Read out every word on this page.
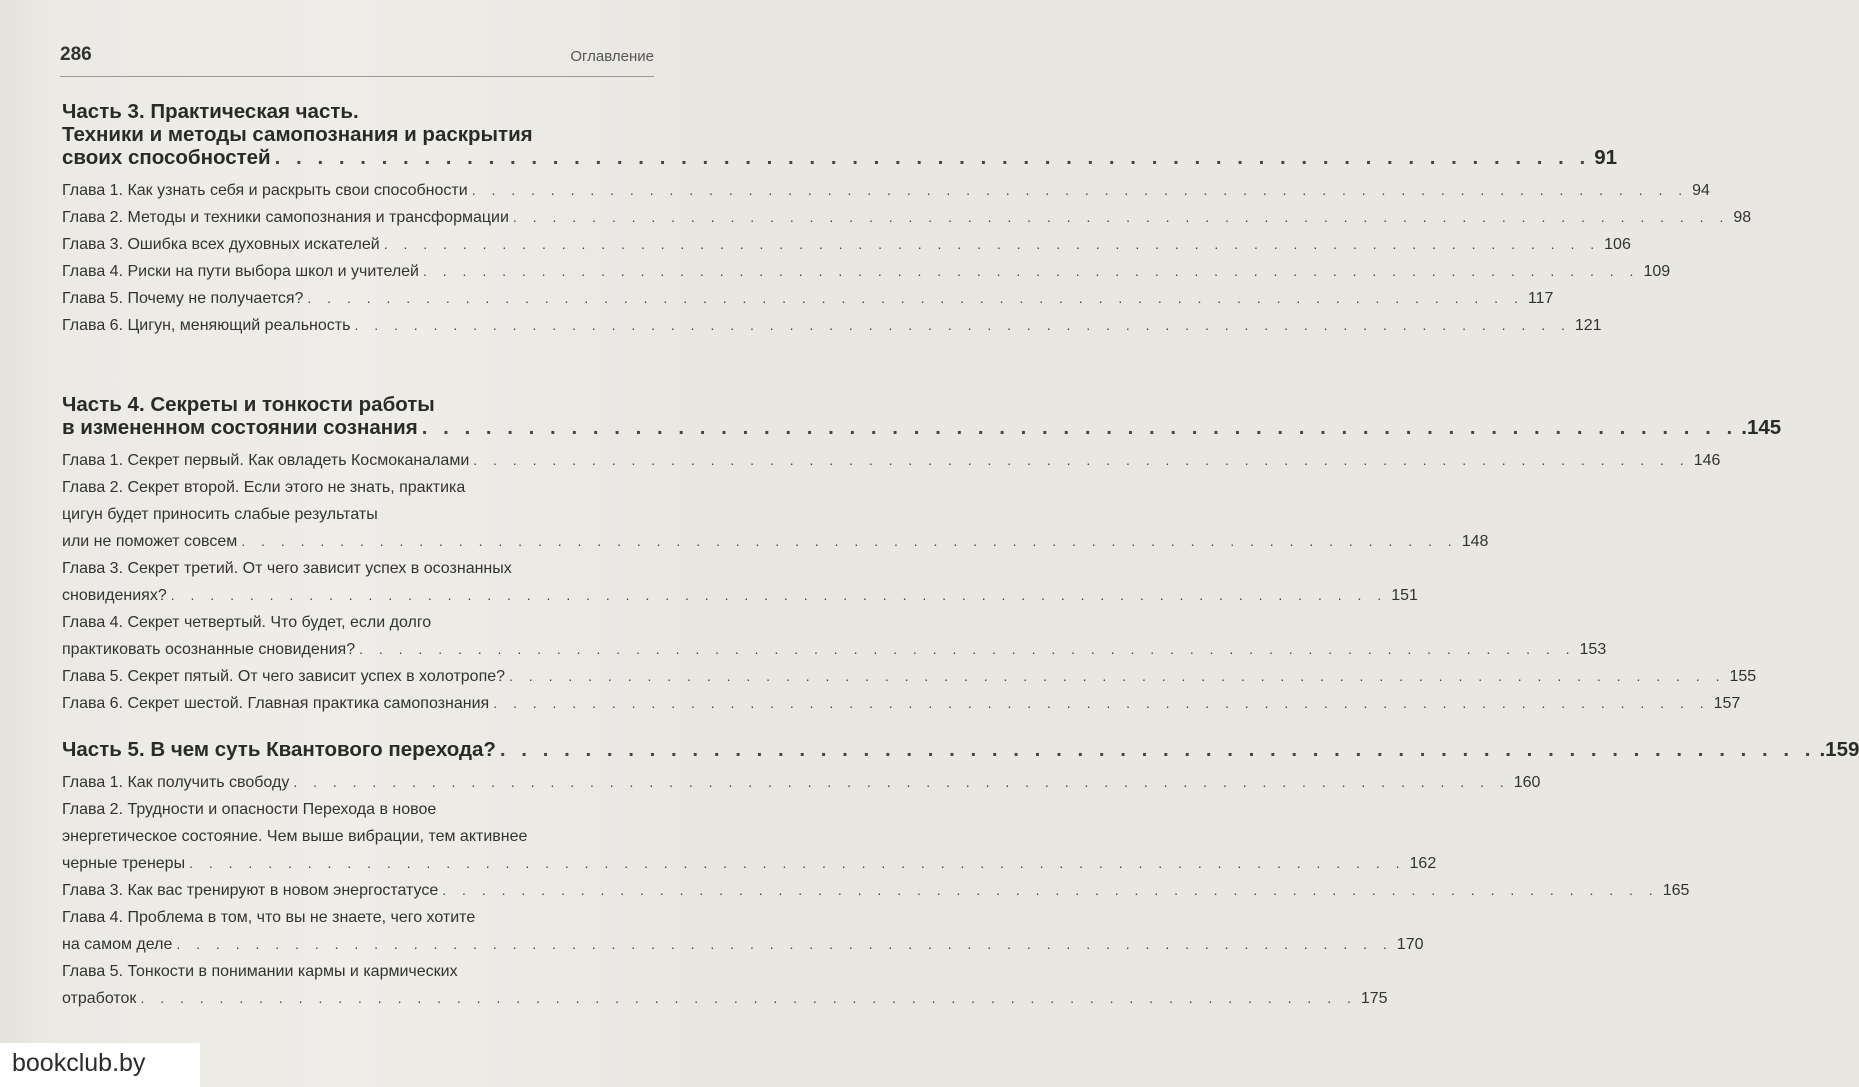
286	Оглавление
Часть 3. Практическая часть.
Техники и методы самопознания и раскрытия
своих способностей . . . . . . . . . . . . . . . . . . . . . . . . . . . . . . . . . . . . . . . . . . . . . . . . . . . . . . . . . . . . . . 91
Глава 1. Как узнать себя и раскрыть свои способности . . . . . . . . . . . . . . . . . . . . . . . . . . . . . . . . . . . . . . . . . . . . . . . . . . . . . . . . . . . . . . 94
Глава 2. Методы и техники самопознания и трансформации . . . . . . . . . . . . . . . . . . . . . . . . . . . . . . . . . . . . . . . . . . . . . . . . . . . . . . . . . . . . . . 98
Глава 3. Ошибка всех духовных искателей . . . . . . . . . . . . . . . . . . . . . . . . . . . . . . . . . . . . . . . . . . . . . . . . . . . . . . . . . . . . . . 106
Глава 4. Риски на пути выбора школ и учителей . . . . . . . . . . . . . . . . . . . . . . . . . . . . . . . . . . . . . . . . . . . . . . . . . . . . . . . . . . . . . . 109
Глава 5. Почему не получается? . . . . . . . . . . . . . . . . . . . . . . . . . . . . . . . . . . . . . . . . . . . . . . . . . . . . . . . . . . . . . . 117
Глава 6. Цигун, меняющий реальность . . . . . . . . . . . . . . . . . . . . . . . . . . . . . . . . . . . . . . . . . . . . . . . . . . . . . . . . . . . . . . 121
Часть 4. Секреты и тонкости работы
в измененном состоянии сознания . . . . . . . . . . . . . . . . . . . . . . . . . . . . . . . . . . . . . . . . . . . . . . . . . . . . . . . . . . . . . . .145
Глава 1. Секрет первый. Как овладеть Космоканалами . . . . . . . . . . . . . . . . . . . . . . . . . . . . . . . . . . . . . . . . . . . . . . . . . . . . . . . . . . . . . . 146
Глава 2. Секрет второй. Если этого не знать, практика
цигун будет приносить слабые результаты
или не поможет совсем . . . . . . . . . . . . . . . . . . . . . . . . . . . . . . . . . . . . . . . . . . . . . . . . . . . . . . . . . . . . . . 148
Глава 3. Секрет третий. От чего зависит успех в осознанных
сновидениях? . . . . . . . . . . . . . . . . . . . . . . . . . . . . . . . . . . . . . . . . . . . . . . . . . . . . . . . . . . . . . . 151
Глава 4. Секрет четвертый. Что будет, если долго
практиковать осознанные сновидения? . . . . . . . . . . . . . . . . . . . . . . . . . . . . . . . . . . . . . . . . . . . . . . . . . . . . . . . . . . . . . . 153
Глава 5. Секрет пятый. От чего зависит успех в холотропе? . . . . . . . . . . . . . . . . . . . . . . . . . . . . . . . . . . . . . . . . . . . . . . . . . . . . . . . . . . . . . . 155
Глава 6. Секрет шестой. Главная практика самопознания . . . . . . . . . . . . . . . . . . . . . . . . . . . . . . . . . . . . . . . . . . . . . . . . . . . . . . . . . . . . . . 157
Часть 5. В чем суть Квантового перехода? . . . . . . . . . . . . . . . . . . . . . . . . . . . . . . . . . . . . . . . . . . . . . . . . . . . . . . . . . . . . . . .159
Глава 1. Как получить свободу . . . . . . . . . . . . . . . . . . . . . . . . . . . . . . . . . . . . . . . . . . . . . . . . . . . . . . . . . . . . . . 160
Глава 2. Трудности и опасности Перехода в новое
энергетическое состояние. Чем выше вибрации, тем активнее
черные тренеры . . . . . . . . . . . . . . . . . . . . . . . . . . . . . . . . . . . . . . . . . . . . . . . . . . . . . . . . . . . . . . 162
Глава 3. Как вас тренируют в новом энергостатусе . . . . . . . . . . . . . . . . . . . . . . . . . . . . . . . . . . . . . . . . . . . . . . . . . . . . . . . . . . . . . . 165
Глава 4. Проблема в том, что вы не знаете, чего хотите
на самом деле . . . . . . . . . . . . . . . . . . . . . . . . . . . . . . . . . . . . . . . . . . . . . . . . . . . . . . . . . . . . . . 170
Глава 5. Тонкости в понимании кармы и кармических
отработок . . . . . . . . . . . . . . . . . . . . . . . . . . . . . . . . . . . . . . . . . . . . . . . . . . . . . . . . . . . . . . 175
bookclub.by
